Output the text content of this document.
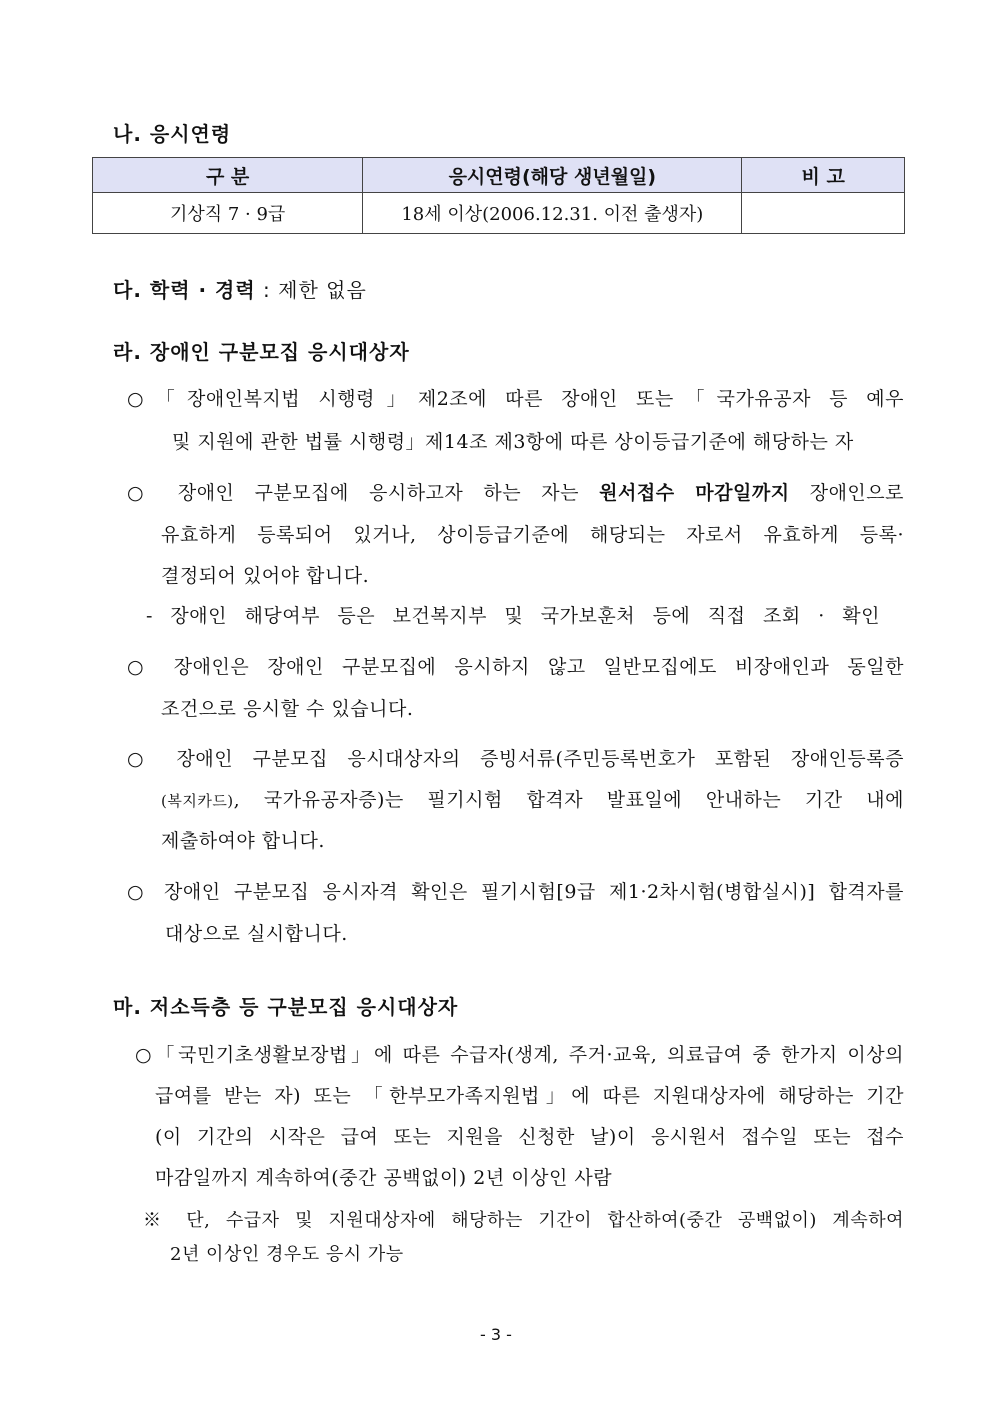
나. 응시연령
구 분	응시연령(해당 생년월일)	비 고
기상직 7 · 9급	18세 이상(2006.12.31. 이전 출생자)	
다. 학력 · 경력 : 제한 없음
라. 장애인 구분모집 응시대상자
○「장애인복지법 시행령」제2조에 따른 장애인 또는「국가유공자 등 예우
및 지원에 관한 법률 시행령」제14조 제3항에 따른 상이등급기준에 해당하는 자
○ 장애인 구분모집에 응시하고자 하는 자는 원서접수 마감일까지 장애인으로
유효하게 등록되어 있거나, 상이등급기준에 해당되는 자로서 유효하게 등록·
결정되어 있어야 합니다.
- 장애인 해당여부 등은 보건복지부 및 국가보훈처 등에 직접 조회 · 확인
○ 장애인은 장애인 구분모집에 응시하지 않고 일반모집에도 비장애인과 동일한
조건으로 응시할 수 있습니다.
○ 장애인 구분모집 응시대상자의 증빙서류(주민등록번호가 포함된 장애인등록증
(복지카드), 국가유공자증)는 필기시험 합격자 발표일에 안내하는 기간 내에
제출하여야 합니다.
○ 장애인 구분모집 응시자격 확인은 필기시험[9급 제1·2차시험(병합실시)] 합격자를
대상으로 실시합니다.
마. 저소득층 등 구분모집 응시대상자
○「국민기초생활보장법」에 따른 수급자(생계, 주거·교육, 의료급여 중 한가지 이상의
급여를 받는 자) 또는 「한부모가족지원법」에 따른 지원대상자에 해당하는 기간
(이 기간의 시작은 급여 또는 지원을 신청한 날)이 응시원서 접수일 또는 접수
마감일까지 계속하여(중간 공백없이) 2년 이상인 사람
※ 단, 수급자 및 지원대상자에 해당하는 기간이 합산하여(중간 공백없이) 계속하여
2년 이상인 경우도 응시 가능
- 3 -
